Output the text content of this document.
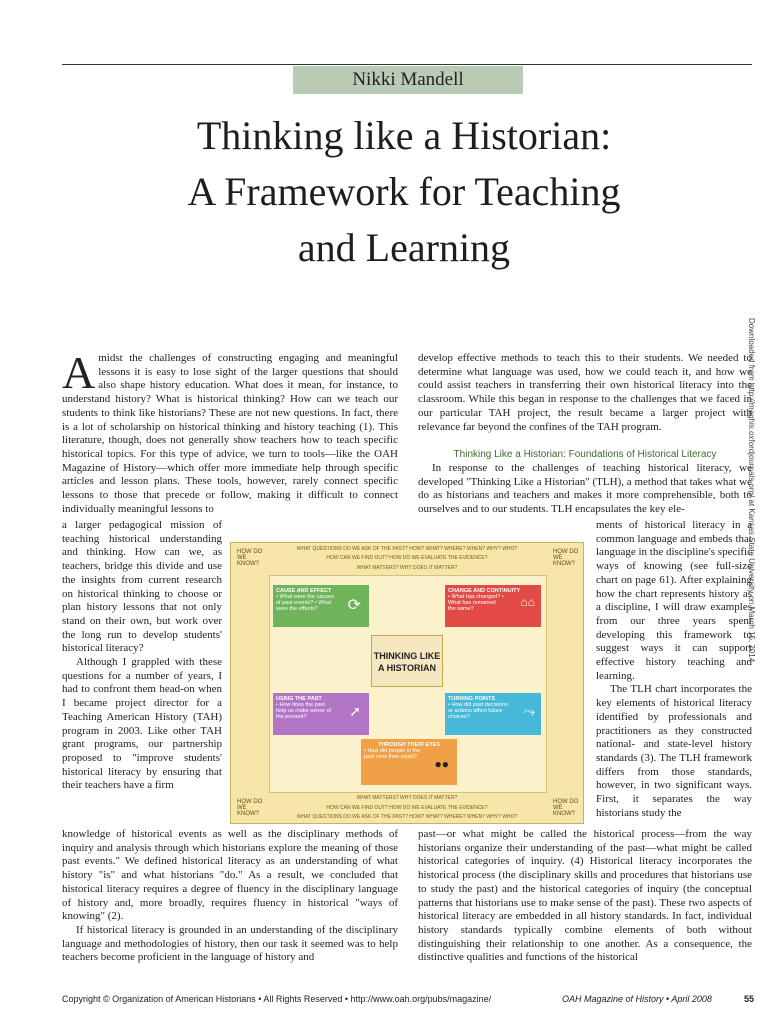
Nikki Mandell
Thinking like a Historian:
A Framework for Teaching
and Learning

Amidst the challenges of constructing engaging and meaningful lessons it is easy to lose sight of the larger questions that should also shape history education. What does it mean, for instance, to understand history? What is historical thinking? How can we teach our students to think like historians? These are not new questions. In fact, there is a lot of scholarship on historical thinking and history teaching (1). This literature, though, does not generally show teachers how to teach specific historical topics. For this type of advice, we turn to tools—like the OAH Magazine of History—which offer more immediate help through specific articles and lesson plans. These tools, however, rarely connect specific lessons to those that precede or follow, making it difficult to connect individually meaningful lessons to

a larger pedagogical mission of teaching historical understanding and thinking. How can we, as teachers, bridge this divide and use the insights from current research on historical thinking to choose or plan history lessons that not only stand on their own, but work over the long run to develop students' historical literacy?

Although I grappled with these questions for a number of years, I had to confront them head-on when I became project director for a Teaching American History (TAH) program in 2003. Like other TAH grant programs, our partnership proposed to "improve students' historical literacy by ensuring that their teachers have a firm

knowledge of historical events as well as the disciplinary methods of inquiry and analysis through which historians explore the meaning of those past events." We defined historical literacy as an understanding of what history "is" and what historians "do." As a result, we concluded that historical literacy requires a degree of fluency in the disciplinary language of history and, more broadly, requires fluency in historical "ways of knowing" (2).

If historical literacy is grounded in an understanding of the disciplinary language and methodologies of history, then our task it seemed was to help teachers become proficient in the language of history and

develop effective methods to teach this to their students. We needed to determine what language was used, how we could teach it, and how we could assist teachers in transferring their own historical literacy into the classroom. While this began in response to the challenges that we faced in our particular TAH project, the result became a larger project with relevance far beyond the confines of the TAH program.

Thinking Like a Historian: Foundations of Historical Literacy

In response to the challenges of teaching historical literacy, we developed "Thinking Like a Historian" (TLH), a method that takes what we do as historians and teachers and makes it more comprehensible, both to ourselves and to our students. TLH encapsulates the key ele-

ments of historical literacy in a common language and embeds that language in the discipline's specific ways of knowing (see full-size chart on page 61). After explaining how the chart represents history as a discipline, I will draw examples from our three years spent developing this framework to suggest ways it can support effective history teaching and learning.

The TLH chart incorporates the key elements of historical literacy identified by professionals and practitioners as they constructed national- and state-level history standards (3). The TLH framework differs from those standards, however, in two significant ways. First, it separates the way historians study the

past—or what might be called the historical process—from the way historians organize their understanding of the past—what might be called historical categories of inquiry. (4) Historical literacy incorporates the historical process (the disciplinary skills and procedures that historians use to study the past) and the historical categories of inquiry (the conceptual patterns that historians use to make sense of the past). These two aspects of historical literacy are embedded in all history standards. In fact, individual history standards typically combine elements of both without distinguishing their relationship to one another. As a consequence, the distinctive qualities and functions of the historical

WHAT QUESTIONS DO WE ASK OF THE PAST? HOW? WHAT? WHERE? WHEN? WHY? WHO?
HOW CAN WE FIND OUT? HOW DO WE EVALUATE THE EVIDENCE?
WHAT MATTERS? WHY DOES IT MATTER?
WHAT MATTERS? WHY DOES IT MATTER?
HOW CAN WE FIND OUT? HOW DO WE EVALUATE THE EVIDENCE?
WHAT QUESTIONS DO WE ASK OF THE PAST? HOW? WHAT? WHERE? WHEN? WHY? WHO?
HOW DO WE KNOW?
HOW DO WE KNOW?
HOW DO WE KNOW?
HOW DO WE KNOW?
CAUSE AND EFFECT
• What were the causes of past events? • What were the effects?	⟳
CHANGE AND CONTINUITY
• What has changed? • What has remained the same?	⌂⌂
THINKING LIKE A HISTORIAN
USING THE PAST
• How does the past help us make sense of the present?	➚
TURNING POINTS
• How did past decisions or actions affect future choices?	⤳
THROUGH THEIR EYES
• How did people in the past view their world?	●●
Downloaded from http://maghis.oxfordjournals.org/ at Kansas State University on March 15, 2014
Copyright © Organization of American Historians • All Rights Reserved • http://www.oah.org/pubs/magazine/	OAH Magazine of History • April 2008	55
